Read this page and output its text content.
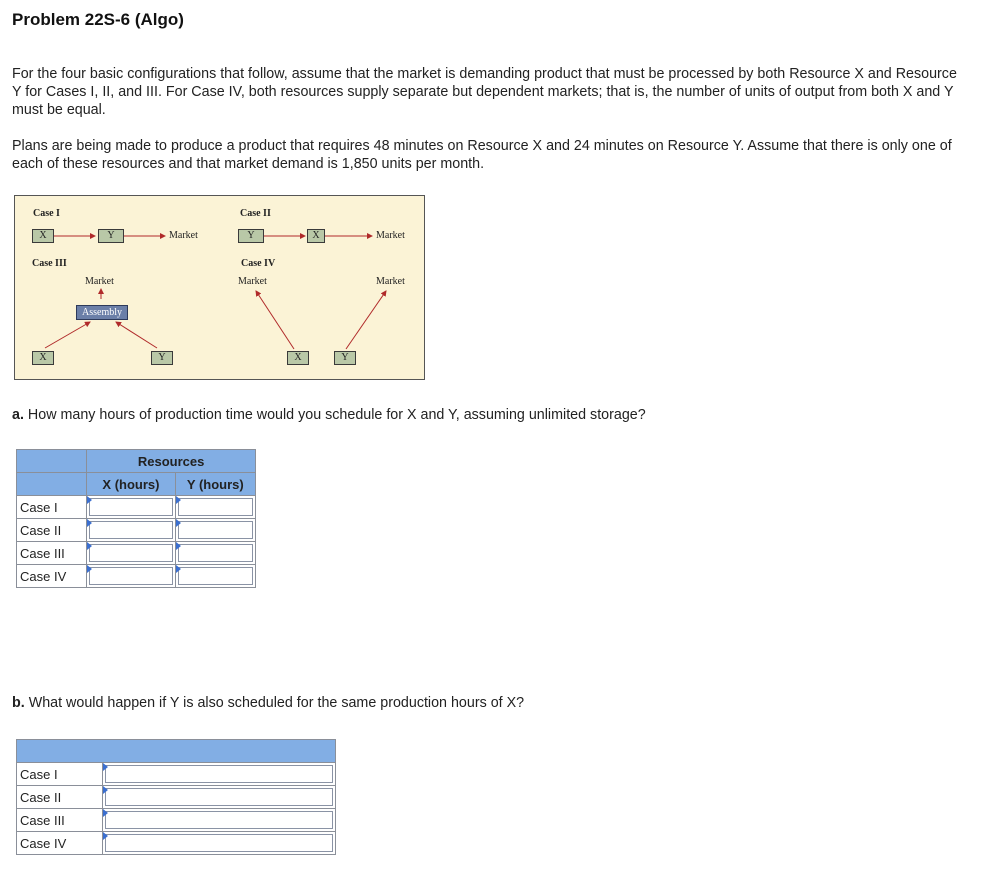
Problem 22S-6 (Algo)

For the four basic configurations that follow, assume that the market is demanding product that must be processed by both Resource X and Resource Y for Cases I, II, and III. For Case IV, both resources supply separate but dependent markets; that is, the number of units of output from both X and Y must be equal.

Plans are being made to produce a product that requires 48 minutes on Resource X and 24 minutes on Resource Y. Assume that there is only one of each of these resources and that market demand is 1,850 units per month.

Case I
X	Y	Market
Case II
Y	X	Market
Case III
Market
Assembly
X	Y
Case IV
Market	Market
X	Y

a. How many hours of production time would you schedule for X and Y, assuming unlimited storage?

	Resources	
	X (hours)	Y (hours)
Case I	

Case II	

Case III	

Case IV	

b. What would happen if Y is also scheduled for the same production hours of X?

Case I	

Case II	

Case III	

Case IV	
